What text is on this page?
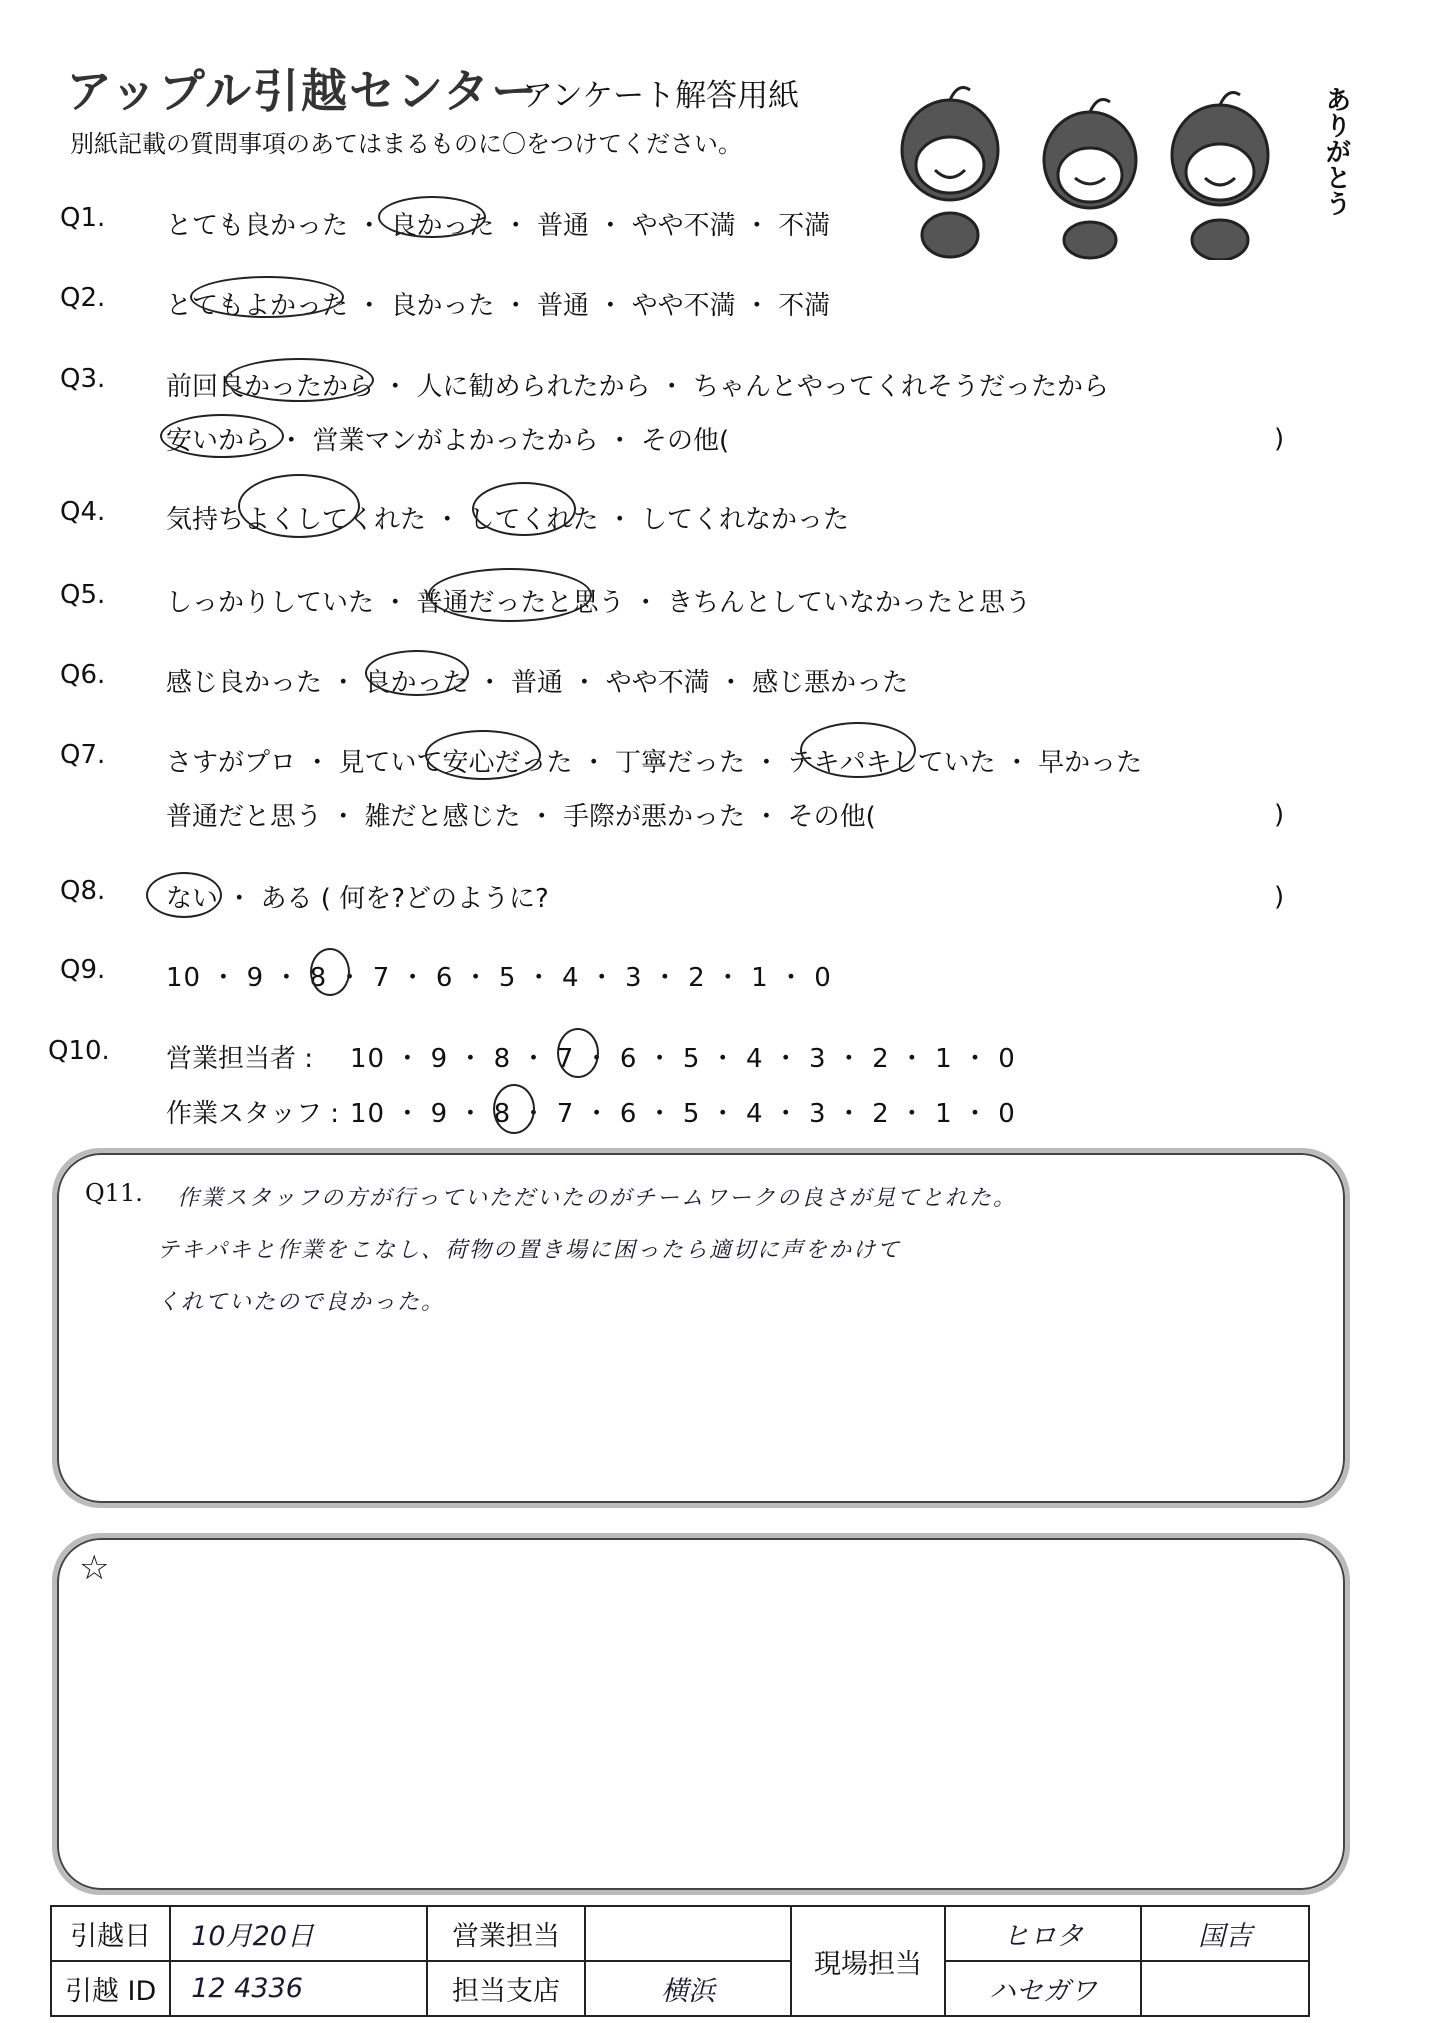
アップル引越センター
アンケート解答用紙
別紙記載の質問事項のあてはまるものに〇をつけてください。	ありがとう
Q1. とても良かった ・ 良かった ・ 普通 ・ やや不満 ・ 不満
Q2. とてもよかった ・ 良かった ・ 普通 ・ やや不満 ・ 不満
Q3. 前回良かったから ・ 人に勧められたから ・ ちゃんとやってくれそうだったから
安いから ・ 営業マンがよかったから ・ その他(	)
Q4. 気持ちよくしてくれた ・ してくれた ・ してくれなかった
Q5. しっかりしていた ・ 普通だったと思う ・ きちんとしていなかったと思う
Q6. 感じ良かった ・ 良かった ・ 普通 ・ やや不満 ・ 感じ悪かった
Q7. さすがプロ ・ 見ていて安心だった ・ 丁寧だった ・ テキパキしていた ・ 早かった
普通だと思う ・ 雑だと感じた ・ 手際が悪かった ・ その他(	)
Q8. ない ・ ある ( 何を?どのように?	)
Q9. 10 ・ 9 ・ 8 ・ 7 ・ 6 ・ 5 ・ 4 ・ 3 ・ 2 ・ 1 ・ 0
Q10. 営業担当者 : 10 ・ 9 ・ 8 ・ 7 ・ 6 ・ 5 ・ 4 ・ 3 ・ 2 ・ 1 ・ 0
作業スタッフ : 10 ・ 9 ・ 8 ・ 7 ・ 6 ・ 5 ・ 4 ・ 3 ・ 2 ・ 1 ・ 0
Q11. 作業スタッフの方が行っていただいたのがチームワークの良さが見てとれた。
テキパキと作業をこなし、荷物の置き場に困ったら適切に声をかけて
くれていたので良かった。
☆
引越日	10月20日	営業担当		現場担当	ヒロタ	国吉
引越 ID	12 4336	担当支店	横浜		ハセガワ	
